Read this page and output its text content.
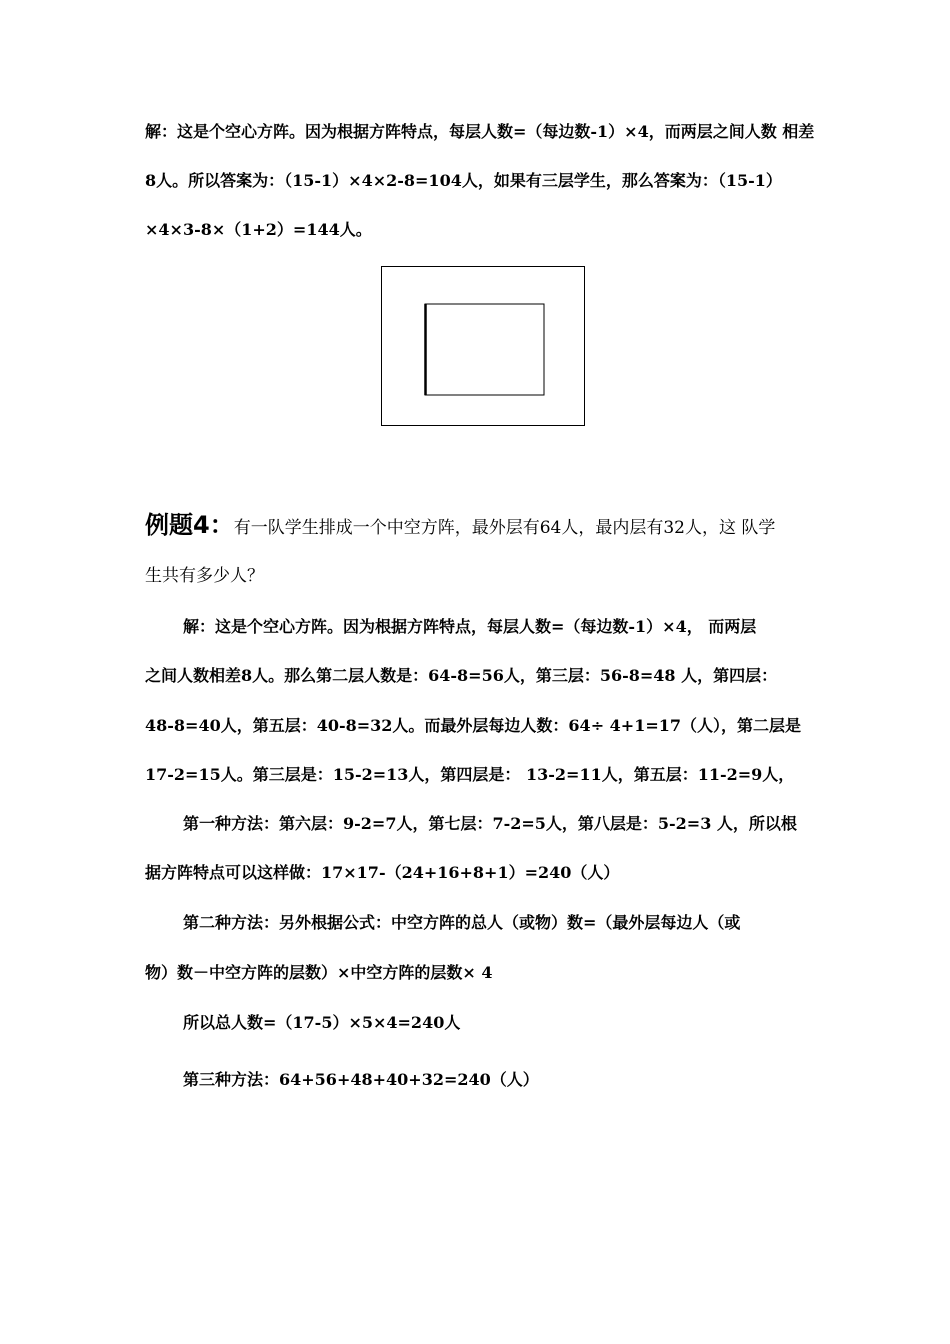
解：这是个空心方阵。因为根据方阵特点，每层人数=（每边数-1）×4，而两层之间人数 相差
8人。所以答案为：（15-1）×4×2-8=104人，如果有三层学生，那么答案为：（15-1）
×4×3-8×（1+2）=144人。
例题4：有一队学生排成一个中空方阵，最外层有64人，最内层有32人，这 队学
生共有多少人？
解：这是个空心方阵。因为根据方阵特点，每层人数=（每边数-1）×4， 而两层
之间人数相差8人。那么第二层人数是：64-8=56人，第三层：56-8=48 人，第四层：
48-8=40人，第五层：40-8=32人。而最外层每边人数：64÷ 4+1=17（人），第二层是
17-2=15人。第三层是：15-2=13人，第四层是： 13-2=11人，第五层：11-2=9人，
第一种方法：第六层：9-2=7人，第七层：7-2=5人，第八层是：5-2=3 人，所以根
据方阵特点可以这样做：17×17-（24+16+8+1）=240（人）
第二种方法：另外根据公式：中空方阵的总人（或物）数=（最外层每边人（或
物）数－中空方阵的层数）×中空方阵的层数× 4
所以总人数=（17-5）×5×4=240人
第三种方法：64+56+48+40+32=240（人）
